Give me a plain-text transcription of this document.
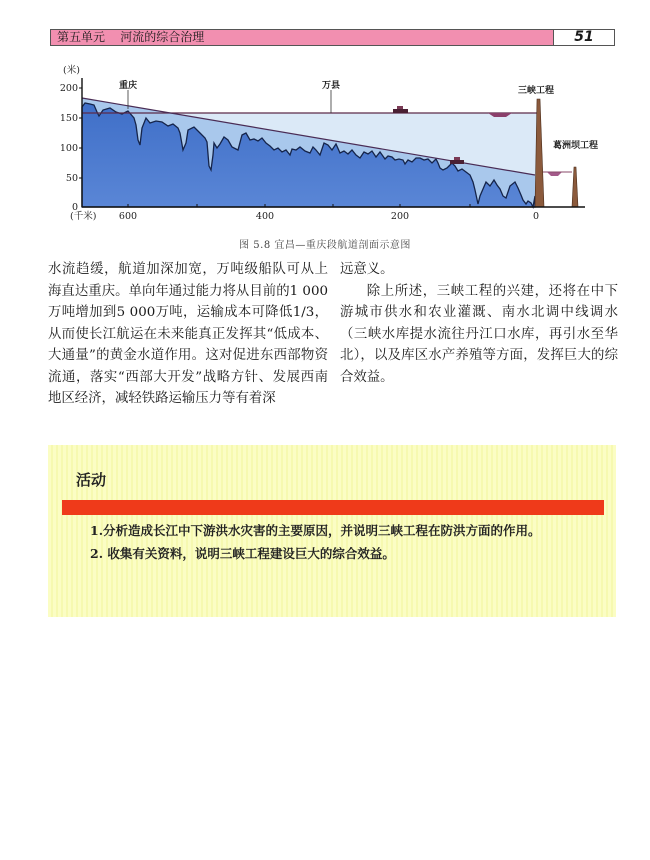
第五单元 河流的综合治理	51
200
150
100
50
0
(米)
(千米) 600	400	200	0
重庆	万县	三峡工程
葛洲坝工程
图 5.8 宜昌—重庆段航道剖面示意图

水流趋缓，航道加深加宽，万吨级船队可从上海直达重庆。单向年通过能力将从目前的1 000万吨增加到5 000万吨，运输成本可降低1/3，从而使长江航运在未来能真正发挥其“低成本、大通量”的黄金水道作用。这对促进东西部物资流通，落实“西部大开发”战略方针、发展西南地区经济，减轻铁路运输压力等有着深

远意义。

除上所述，三峡工程的兴建，还将在中下游城市供水和农业灌溉、南水北调中线调水（三峡水库提水流往丹江口水库，再引水至华北），以及库区水产养殖等方面，发挥巨大的综合效益。

活动
1.分析造成长江中下游洪水灾害的主要原因，并说明三峡工程在防洪方面的作用。
2. 收集有关资料，说明三峡工程建设巨大的综合效益。
